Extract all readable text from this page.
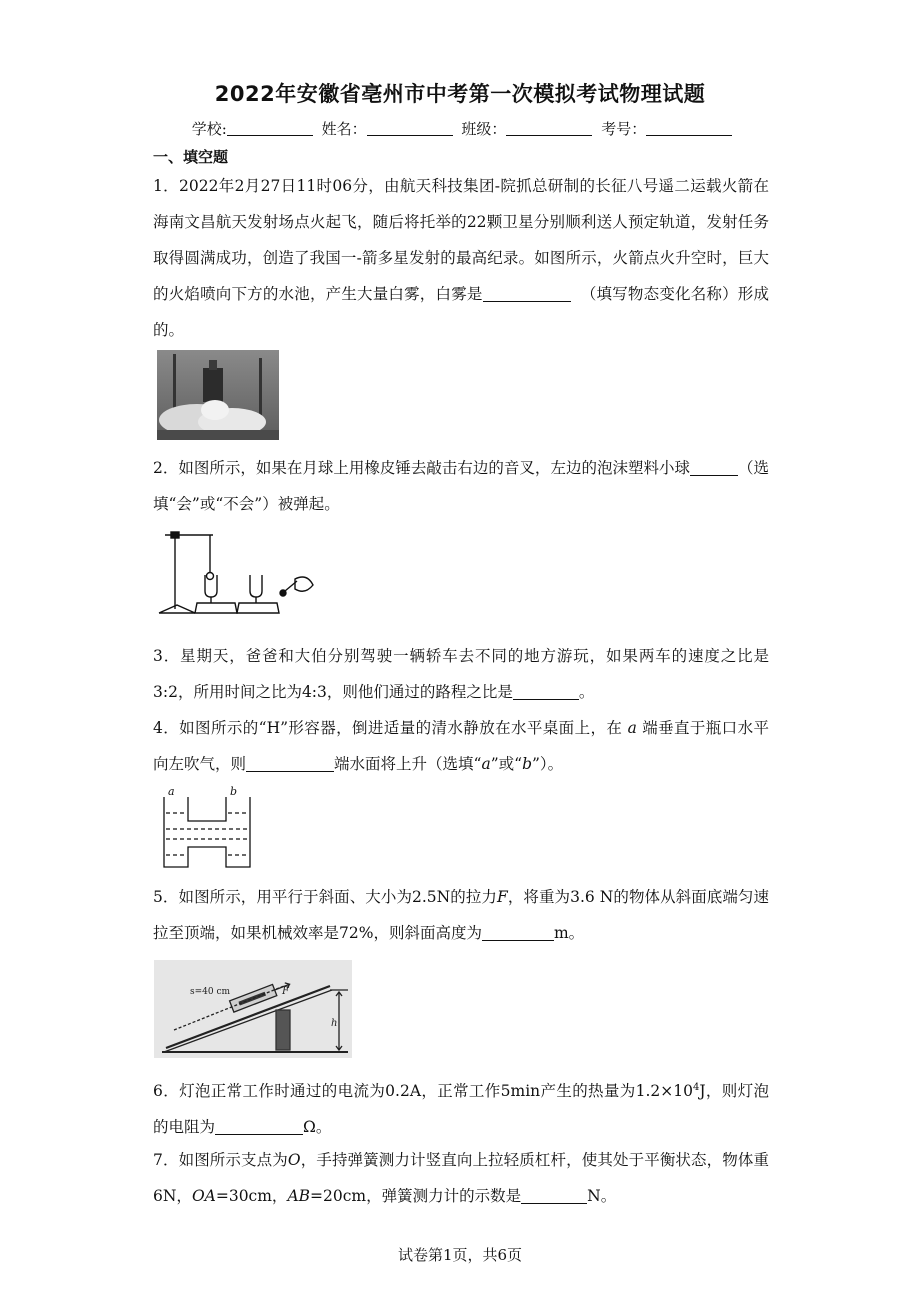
2022年安徽省亳州市中考第一次模拟考试物理试题
学校:	姓名：	班级：	考号：
一、填空题
1．2022年2月27日11时06分，由航天科技集团-院抓总研制的长征八号遥二运载火箭在海南文昌航天发射场点火起飞，随后将托举的22颗卫星分别顺利送人预定轨道，发射任务取得圆满成功，创造了我国一-箭多星发射的最高纪录。如图所示，火箭点火升空时，巨大的火焰喷向下方的水池，产生大量白雾，白雾是	（填写物态变化名称）形成的。
2．如图所示，如果在月球上用橡皮锤去敲击右边的音叉，左边的泡沫塑料小球	（选填“会”或“不会”）被弹起。
3．星期天，爸爸和大伯分别驾驶一辆轿车去不同的地方游玩，如果两车的速度之比是3:2，所用时间之比为4:3，则他们通过的路程之比是	。
4．如图所示的“H”形容器，倒进适量的清水静放在水平桌面上，在 a 端垂直于瓶口水平向左吹气，则	端水面将上升（选填“a”或“b”）。
a	b
5．如图所示，用平行于斜面、大小为2.5N的拉力F，将重为3.6 N的物体从斜面底端匀速拉至顶端，如果机械效率是72%，则斜面高度为	m。
h
s=40 cm	F
6．灯泡正常工作时通过的电流为0.2A，正常工作5min产生的热量为$1.2\times 10^4J$，则灯泡的电阻为	Ω。
7．如图所示支点为O，手持弹簧测力计竖直向上拉轻质杠杆，使其处于平衡状态，物体重6N，OA=30cm，AB=20cm，弹簧测力计的示数是	N。
试卷第1页，共6页
